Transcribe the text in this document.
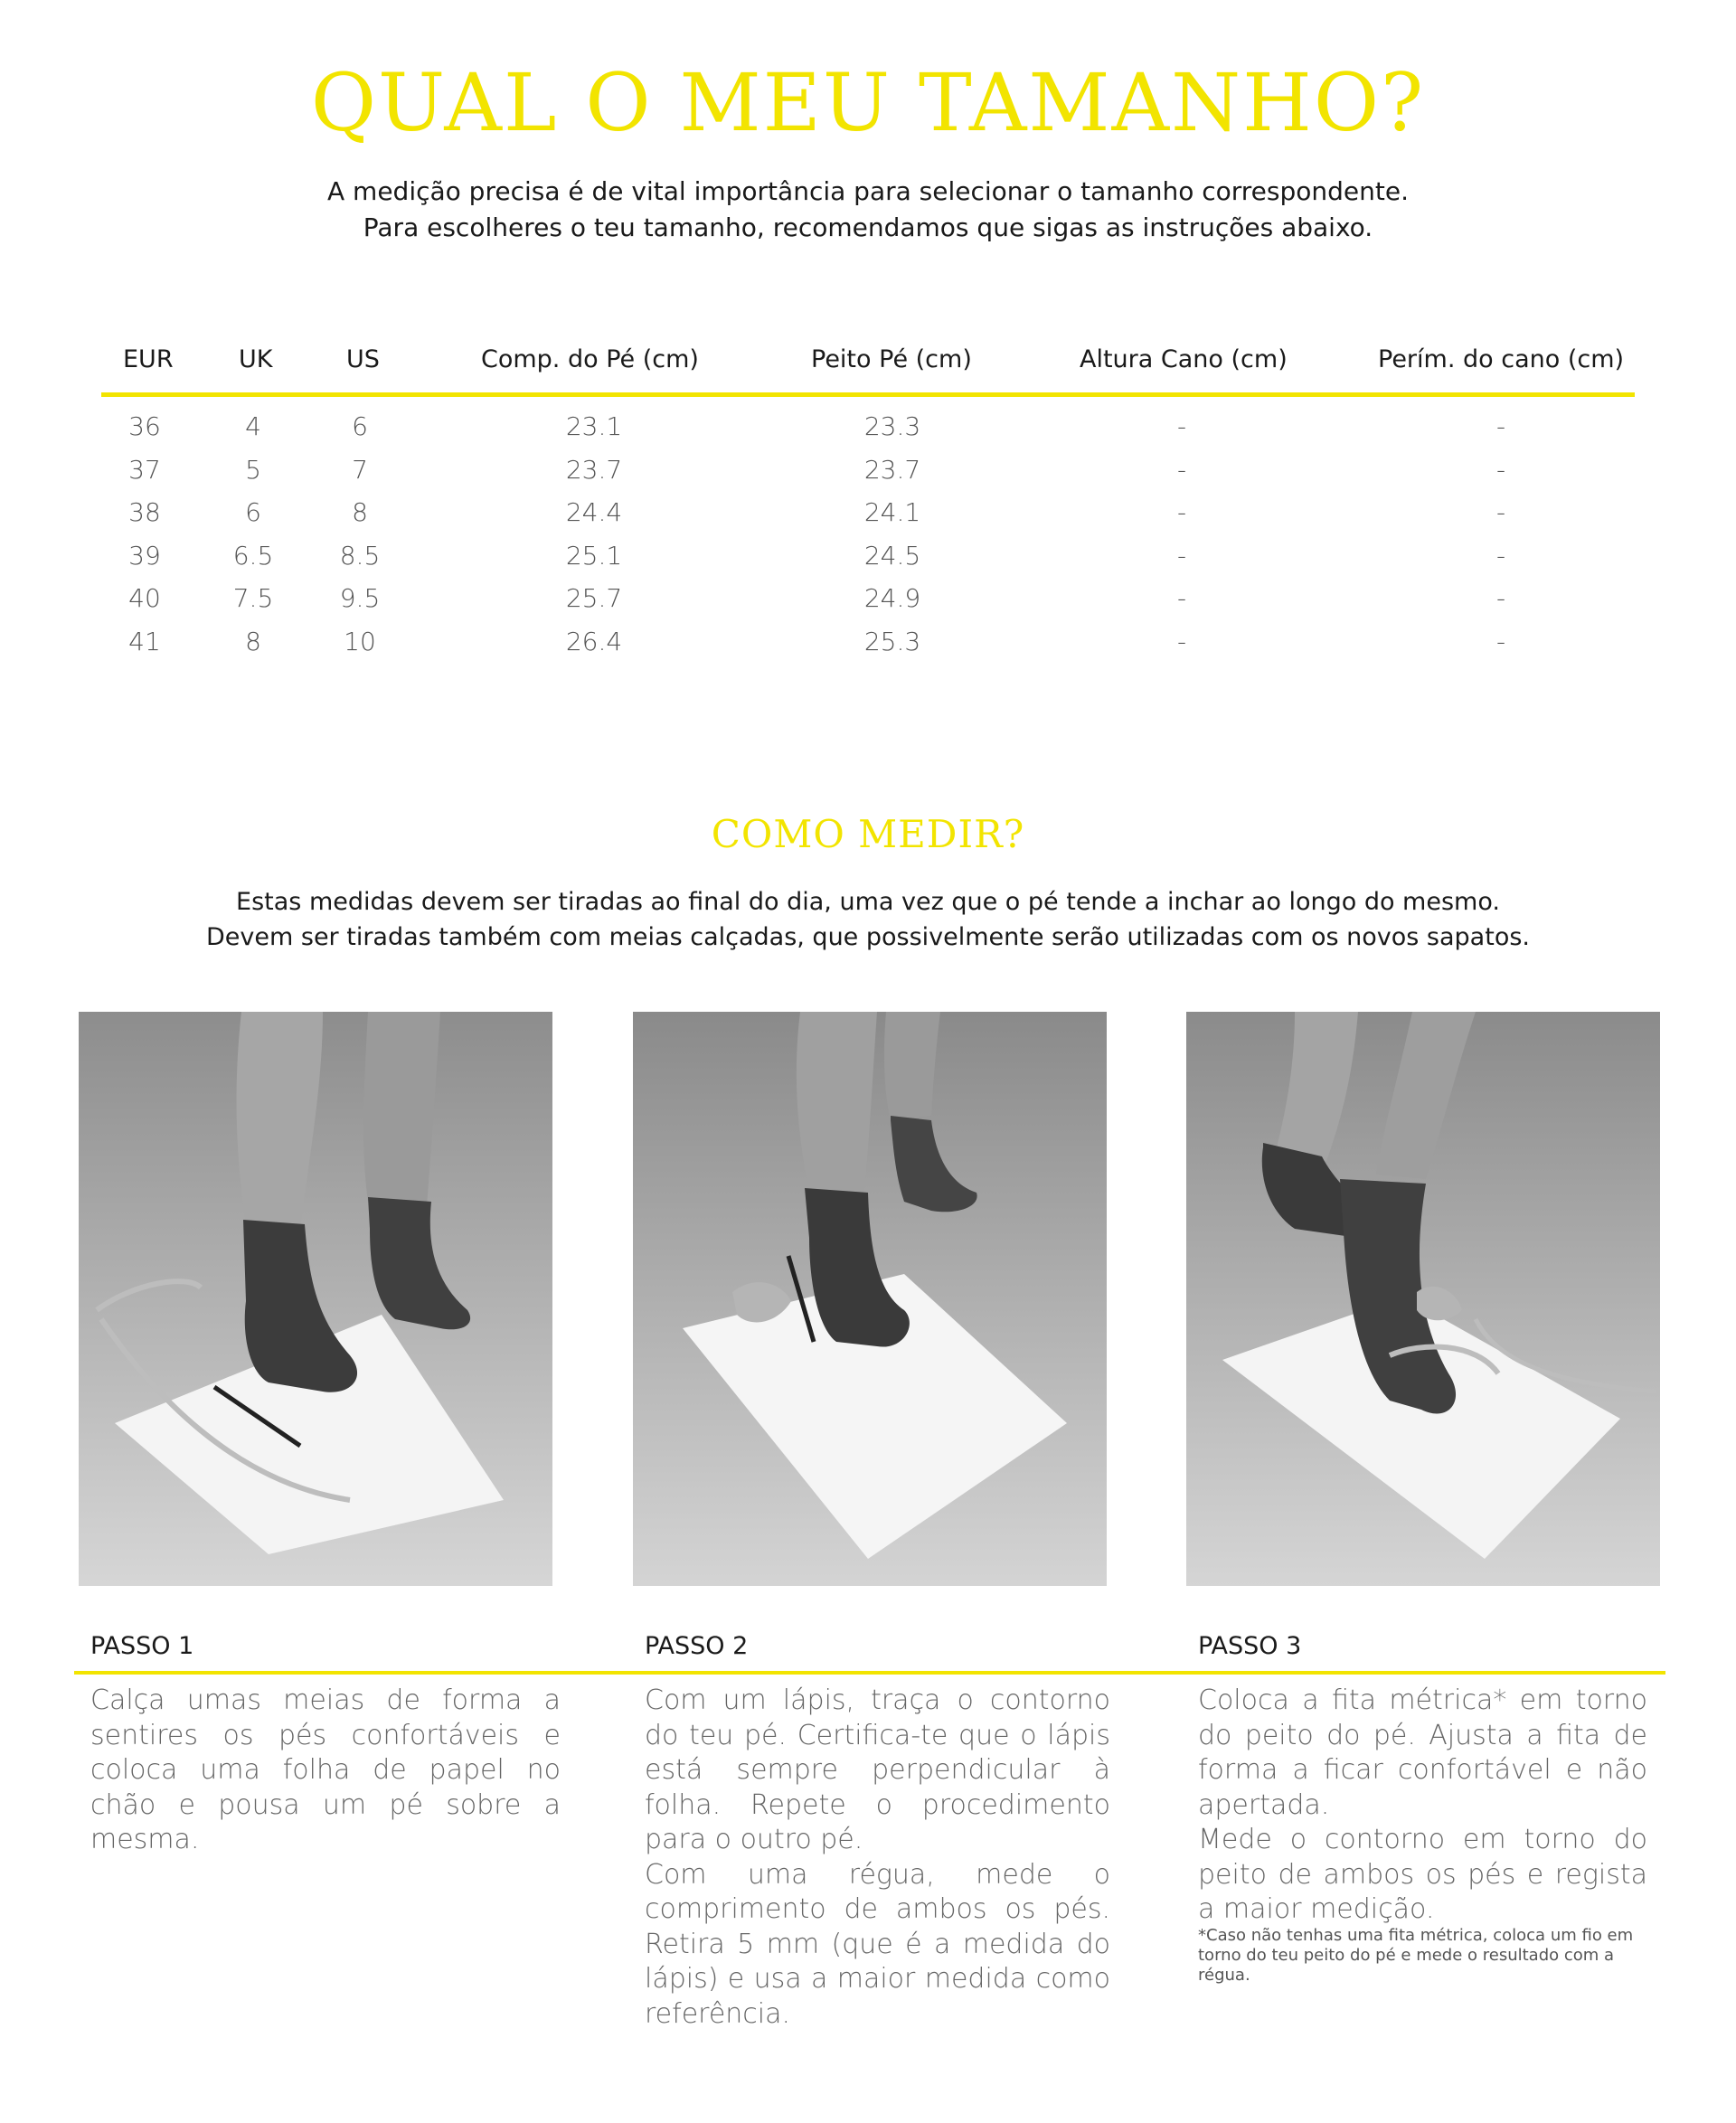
QUAL O MEU TAMANHO?
A medição precisa é de vital importância para selecionar o tamanho correspondente.
Para escolheres o teu tamanho, recomendamos que sigas as instruções abaixo.
EUR	UK	US	Comp. do Pé (cm)	Peito Pé (cm)	Altura Cano (cm)	Perím. do cano (cm)
36	4	6	23.1	23.3	-	-
37	5	7	23.7	23.7	-	-
38	6	8	24.4	24.1	-	-
39	6.5	8.5	25.1	24.5	-	-
40	7.5	9.5	25.7	24.9	-	-
41	8	10	26.4	25.3	-	-
COMO MEDIR?
Estas medidas devem ser tiradas ao final do dia, uma vez que o pé tende a inchar ao longo do mesmo.
Devem ser tiradas também com meias calçadas, que possivelmente serão utilizadas com os novos sapatos.
PASSO 1	PASSO 2	PASSO 3

Calça umas meias de forma a sentires os pés confortáveis e coloca uma folha de papel no chão e pousa um pé sobre a mesma.

Com um lápis, traça o contorno do teu pé. Certifica-te que o lápis está sempre perpendicular à folha. Repete o procedimento para o outro pé.

Com uma régua, mede o comprimento de ambos os pés. Retira 5 mm (que é a medida do lápis) e usa a maior medida como referência.

Coloca a fita métrica* em torno do peito do pé. Ajusta a fita de forma a ficar confortável e não apertada.

Mede o contorno em torno do peito de ambos os pés e regista a maior medição.

*Caso não tenhas uma fita métrica, coloca um fio em torno do teu peito do pé e mede o resultado com a régua.
